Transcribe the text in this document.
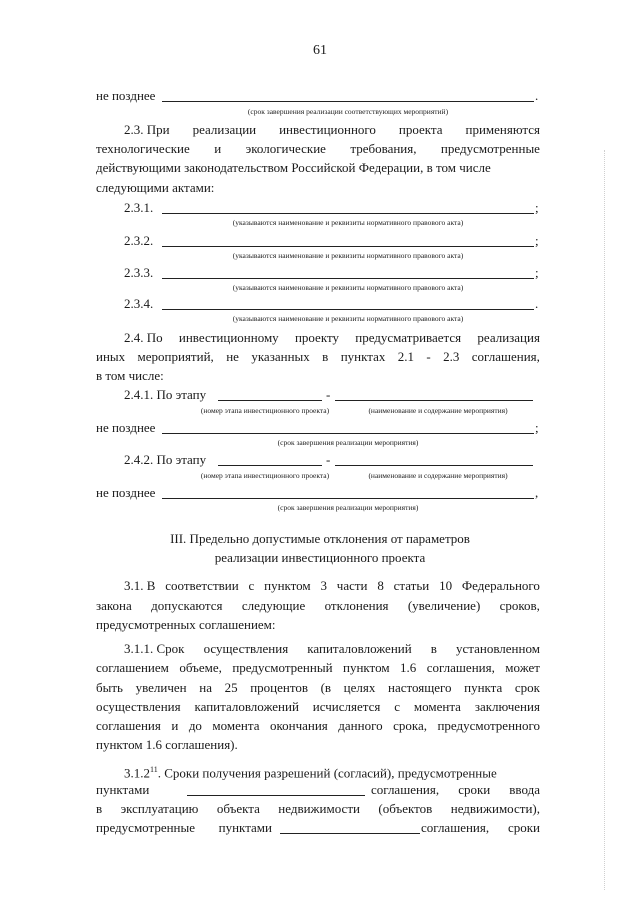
61
не позднее	.
(срок завершения реализации соответствующих мероприятий)
2.3. При реализации инвестиционного проекта применяются
технологические и экологические требования, предусмотренные
действующими законодательством Российской Федерации, в том числе
следующими актами:
2.3.1.	;
(указываются наименование и реквизиты нормативного правового акта)
2.3.2.	;
(указываются наименование и реквизиты нормативного правового акта)
2.3.3.	;
(указываются наименование и реквизиты нормативного правового акта)
2.3.4.	.
(указываются наименование и реквизиты нормативного правового акта)
2.4. По инвестиционному проекту предусматривается реализация
иных мероприятий, не указанных в пунктах 2.1 - 2.3 соглашения,
в том числе:
2.4.1. По этапу	-
(номер этапа инвестиционного проекта)	(наименование и содержание мероприятия)
не позднее	;
(срок завершения реализации мероприятия)
2.4.2. По этапу	-
(номер этапа инвестиционного проекта)	(наименование и содержание мероприятия)
не позднее	,
(срок завершения реализации мероприятия)
III. Предельно допустимые отклонения от параметров
реализации инвестиционного проекта
3.1. В соответствии с пунктом 3 части 8 статьи 10 Федерального
закона допускаются следующие отклонения (увеличение) сроков,
предусмотренных соглашением:
3.1.1. Срок осуществления капиталовложений в установленном
соглашением объеме, предусмотренный пунктом 1.6 соглашения, может
быть увеличен на 25 процентов (в целях настоящего пункта срок
осуществления капиталовложений исчисляется с момента заключения
соглашения и до момента окончания данного срока, предусмотренного
пунктом 1.6 соглашения).
3.1.2$^{11}$. Сроки получения разрешений (согласий), предусмотренные
пунктами	соглашения, сроки ввода
в эксплуатацию объекта недвижимости (объектов недвижимости),
предусмотренные пунктами	соглашения, сроки
